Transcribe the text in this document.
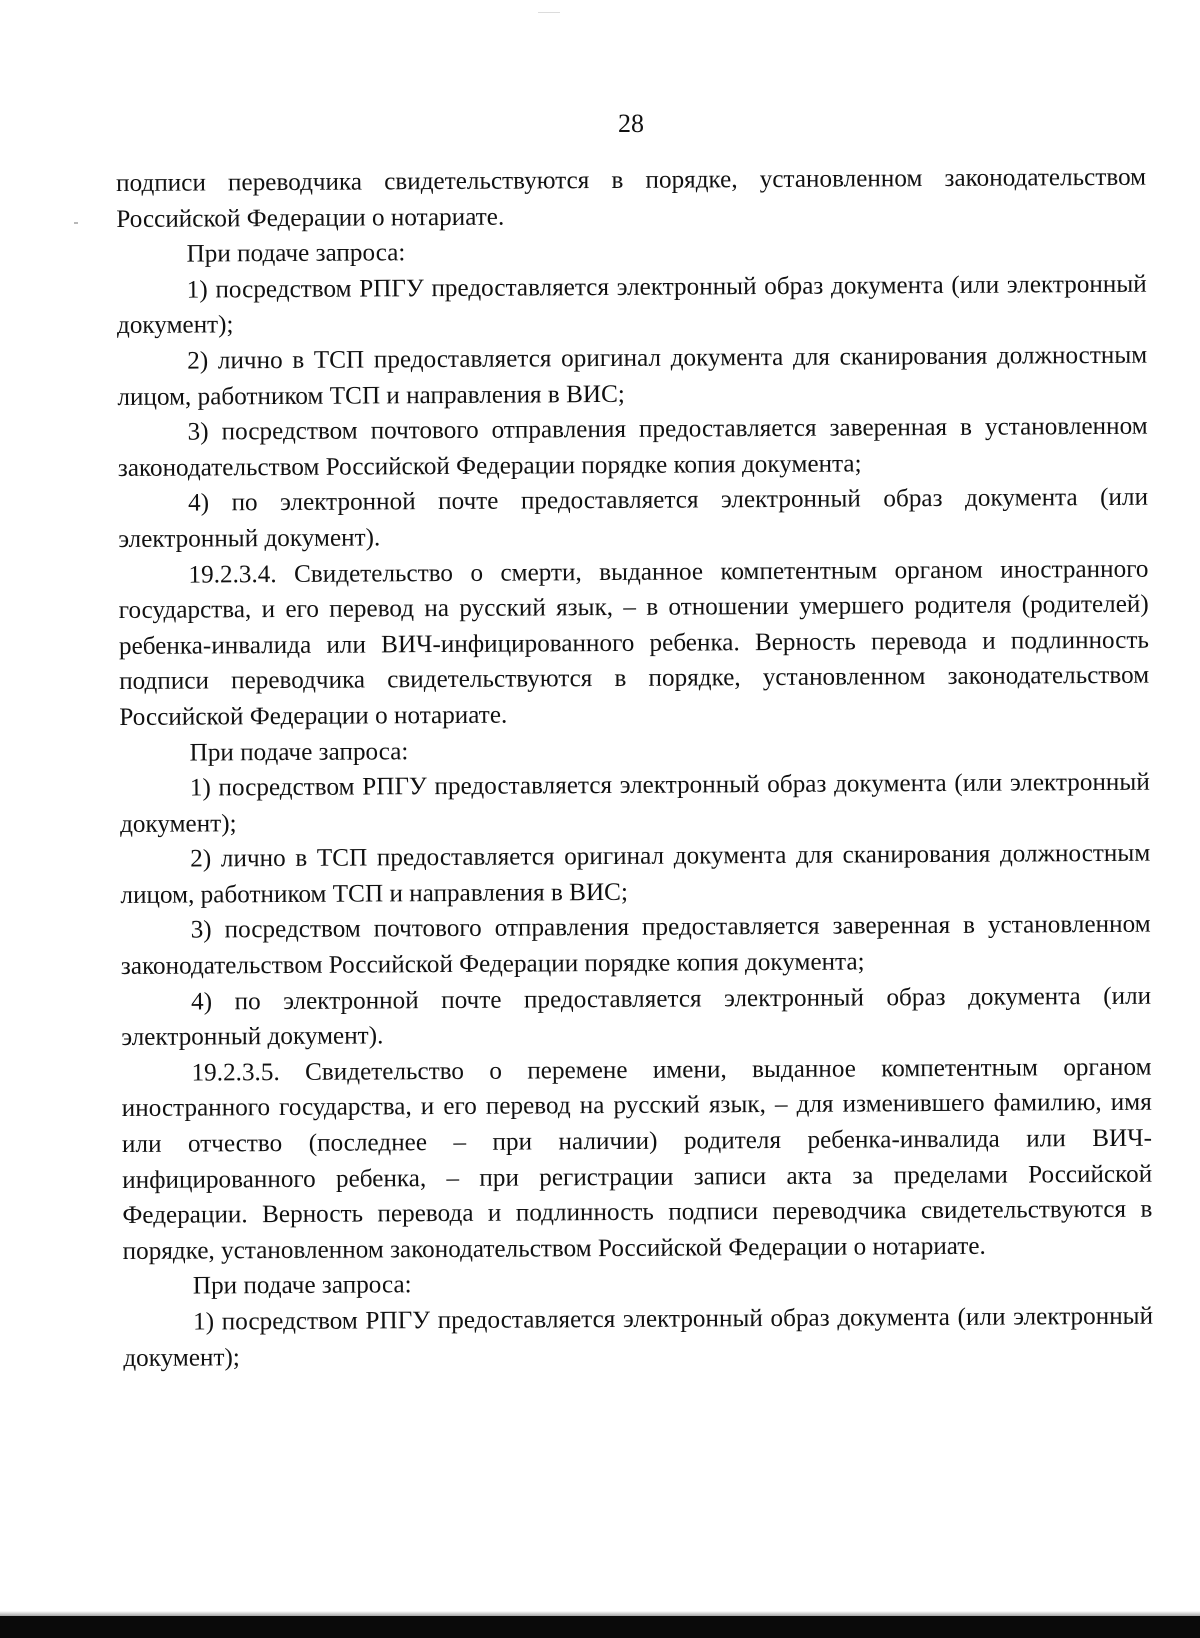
28

подписи переводчика свидетельствуются в порядке, установленном законодательством Российской Федерации о нотариате.

При подаче запроса:

1) посредством РПГУ предоставляется электронный образ документа (или электронный документ);

2) лично в ТСП предоставляется оригинал документа для сканирования должностным лицом, работником ТСП и направления в ВИС;

3) посредством почтового отправления предоставляется заверенная в установленном законодательством Российской Федерации порядке копия документа;

4) по электронной почте предоставляется электронный образ документа (или электронный документ).

19.2.3.4. Свидетельство о смерти, выданное компетентным органом иностранного государства, и его перевод на русский язык, – в отношении умершего родителя (родителей) ребенка-инвалида или ВИЧ-инфицированного ребенка. Верность перевода и подлинность подписи переводчика свидетельствуются в порядке, установленном законодательством Российской Федерации о нотариате.

При подаче запроса:

1) посредством РПГУ предоставляется электронный образ документа (или электронный документ);

2) лично в ТСП предоставляется оригинал документа для сканирования должностным лицом, работником ТСП и направления в ВИС;

3) посредством почтового отправления предоставляется заверенная в установленном законодательством Российской Федерации порядке копия документа;

4) по электронной почте предоставляется электронный образ документа (или электронный документ).

19.2.3.5. Свидетельство о перемене имени, выданное компетентным органом иностранного государства, и его перевод на русский язык, – для изменившего фамилию, имя или отчество (последнее – при наличии) родителя ребенка-инвалида или ВИЧ-инфицированного ребенка, – при регистрации записи акта за пределами Российской Федерации. Верность перевода и подлинность подписи переводчика свидетельствуются в порядке, установленном законодательством Российской Федерации о нотариате.

При подаче запроса:

1) посредством РПГУ предоставляется электронный образ документа (или электронный документ);
